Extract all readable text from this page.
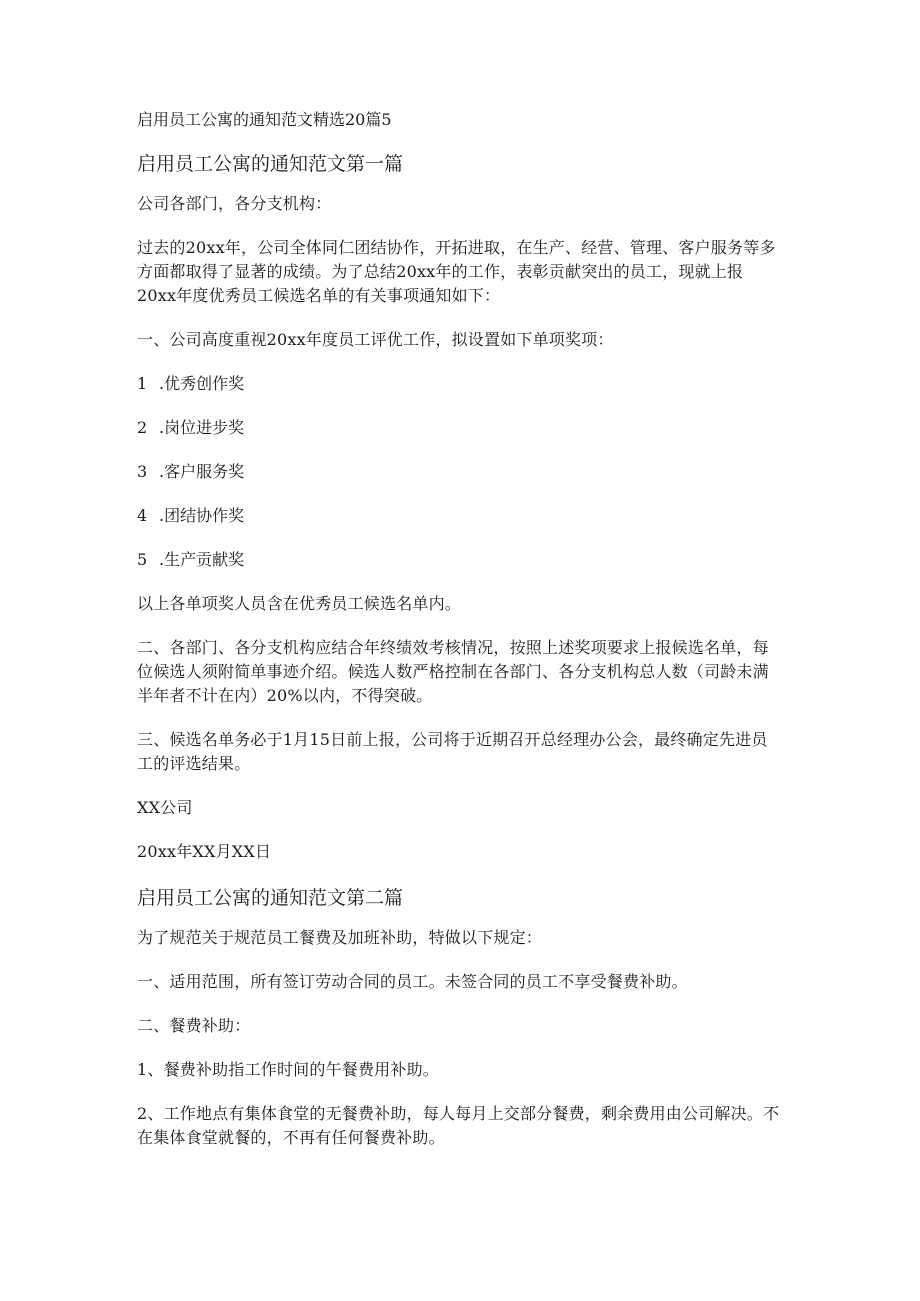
启用员工公寓的通知范文精选20篇5
启用员工公寓的通知范文第一篇
公司各部门，各分支机构：
过去的20xx年，公司全体同仁团结协作，开拓进取，在生产、经营、管理、客户服务等多方面都取得了显著的成绩。为了总结20xx年的工作，表彰贡献突出的员工，现就上报20xx年度优秀员工候选名单的有关事项通知如下：
一、公司高度重视20xx年度员工评优工作，拟设置如下单项奖项：
1 .优秀创作奖
2 .岗位进步奖
3 .客户服务奖
4 .团结协作奖
5 .生产贡献奖
以上各单项奖人员含在优秀员工候选名单内。
二、各部门、各分支机构应结合年终绩效考核情况，按照上述奖项要求上报候选名单，每位候选人须附简单事迹介绍。候选人数严格控制在各部门、各分支机构总人数（司龄未满半年者不计在内）20%以内，不得突破。
三、候选名单务必于1月15日前上报，公司将于近期召开总经理办公会，最终确定先进员工的评选结果。
XX公司
20xx年XX月XX日
启用员工公寓的通知范文第二篇
为了规范关于规范员工餐费及加班补助，特做以下规定：
一、适用范围，所有签订劳动合同的员工。未签合同的员工不享受餐费补助。
二、餐费补助：
1、餐费补助指工作时间的午餐费用补助。
2、工作地点有集体食堂的无餐费补助，每人每月上交部分餐费，剩余费用由公司解决。不在集体食堂就餐的，不再有任何餐费补助。
